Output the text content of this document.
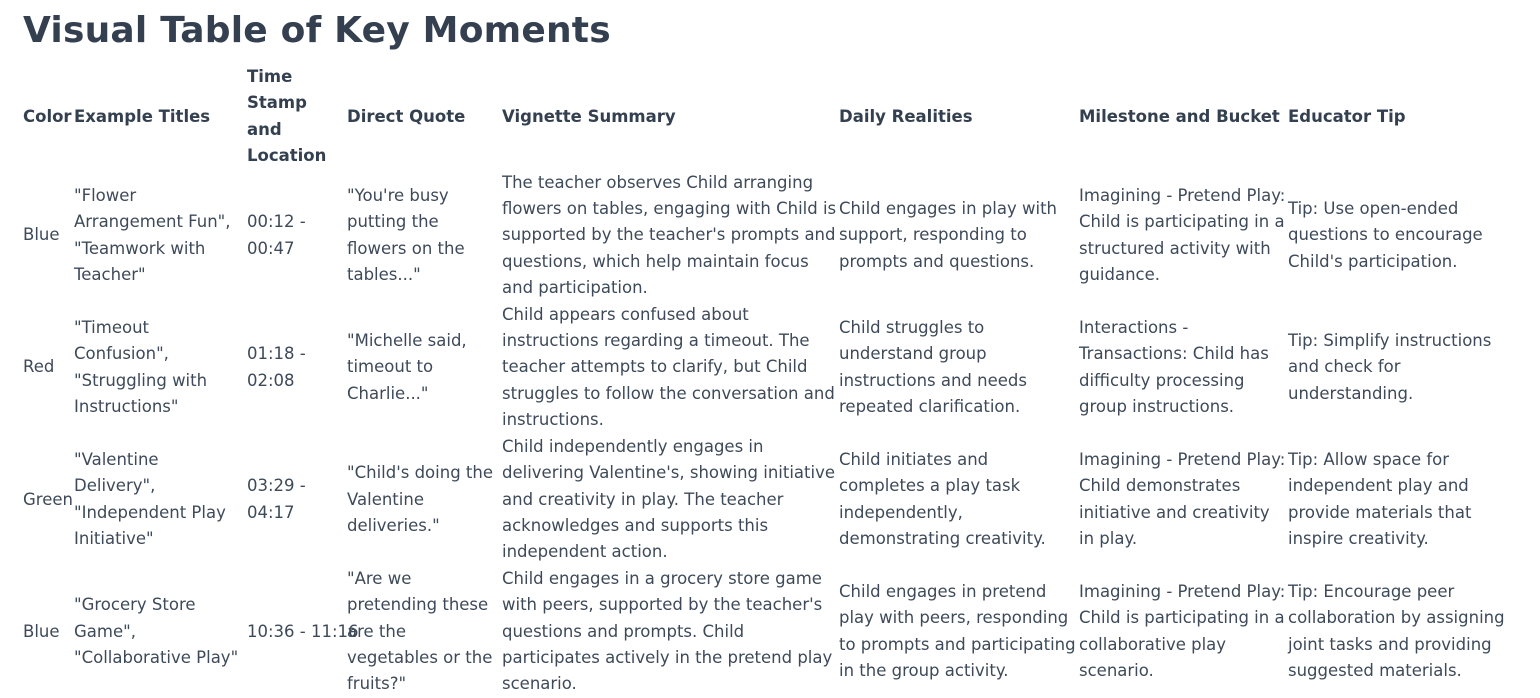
Visual Table of Key Moments
Color	Example Titles	Time Stamp and Location	Direct Quote	Vignette Summary	Daily Realities	Milestone and Bucket	Educator Tip
Blue	"Flower Arrangement Fun", "Teamwork with Teacher"	00:12 - 00:47	"You're busy putting the flowers on the tables..."	The teacher observes Child arranging flowers on tables, engaging with Child is supported by the teacher's prompts and questions, which help maintain focus and participation.	Child engages in play with support, responding to prompts and questions.	Imagining - Pretend Play: Child is participating in a structured activity with guidance.	Tip: Use open-ended questions to encourage Child's participation.
Red	"Timeout Confusion", "Struggling with Instructions"	01:18 - 02:08	"Michelle said, timeout to Charlie..."	Child appears confused about instructions regarding a timeout. The teacher attempts to clarify, but Child struggles to follow the conversation and instructions.	Child struggles to understand group instructions and needs repeated clarification.	Interactions - Transactions: Child has difficulty processing group instructions.	Tip: Simplify instructions and check for understanding.
Green	"Valentine Delivery", "Independent Play Initiative"	03:29 - 04:17	"Child's doing the Valentine deliveries."	Child independently engages in delivering Valentine's, showing initiative and creativity in play. The teacher acknowledges and supports this independent action.	Child initiates and completes a play task independently, demonstrating creativity.	Imagining - Pretend Play: Child demonstrates initiative and creativity in play.	Tip: Allow space for independent play and provide materials that inspire creativity.
Blue	"Grocery Store Game", "Collaborative Play"	10:36 - 11:16	"Are we pretending these are the vegetables or the fruits?"	Child engages in a grocery store game with peers, supported by the teacher's questions and prompts. Child participates actively in the pretend play scenario.	Child engages in pretend play with peers, responding to prompts and participating in the group activity.	Imagining - Pretend Play: Child is participating in a collaborative play scenario.	Tip: Encourage peer collaboration by assigning joint tasks and providing suggested materials.
